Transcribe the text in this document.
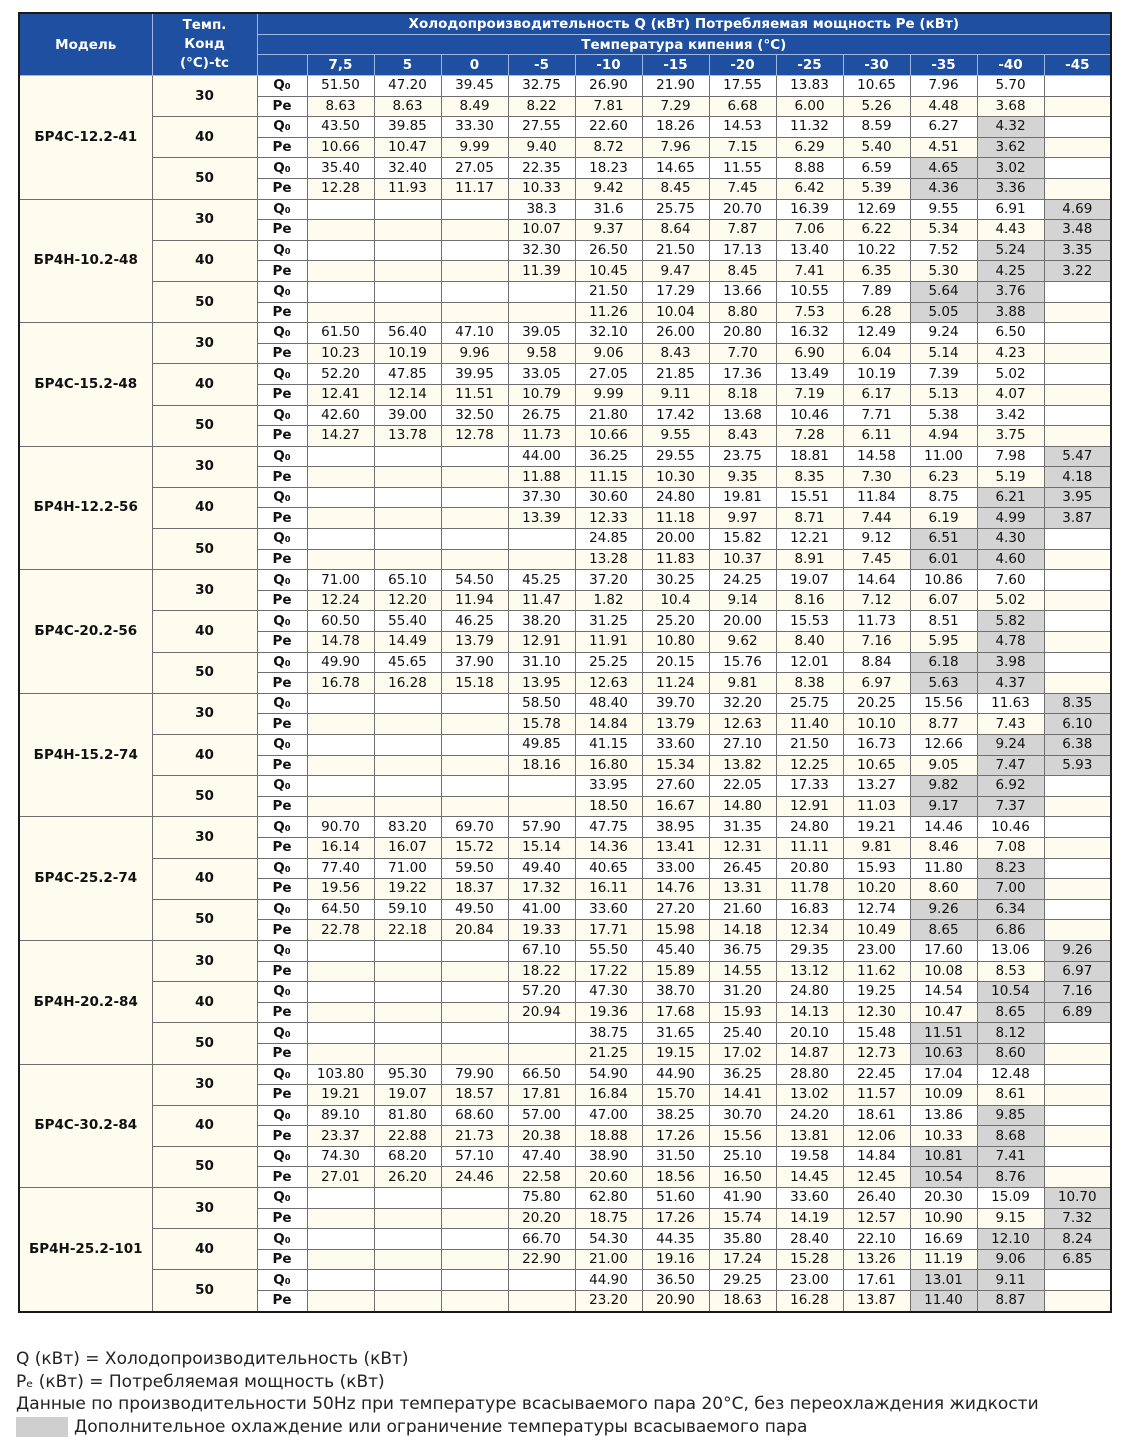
Модель	Темп.
Конд
(°С)-tc	Холодопроизводительность Q (кВт) Потребляемая мощность Pe (кВт)												
		Температура кипения (°С)												
			7,5	5	0	-5	-10	-15	-20	-25	-30	-35	-40	-45
БР4С-12.2-41	30	Q₀	51.50	47.20	39.45	32.75	26.90	21.90	17.55	13.83	10.65	7.96	5.70	
		Pe	8.63	8.63	8.49	8.22	7.81	7.29	6.68	6.00	5.26	4.48	3.68	
	40	Q₀	43.50	39.85	33.30	27.55	22.60	18.26	14.53	11.32	8.59	6.27	4.32	
		Pe	10.66	10.47	9.99	9.40	8.72	7.96	7.15	6.29	5.40	4.51	3.62	
	50	Q₀	35.40	32.40	27.05	22.35	18.23	14.65	11.55	8.88	6.59	4.65	3.02	
		Pe	12.28	11.93	11.17	10.33	9.42	8.45	7.45	6.42	5.39	4.36	3.36	
БР4Н-10.2-48	30	Q₀				38.3	31.6	25.75	20.70	16.39	12.69	9.55	6.91	4.69
		Pe				10.07	9.37	8.64	7.87	7.06	6.22	5.34	4.43	3.48
	40	Q₀				32.30	26.50	21.50	17.13	13.40	10.22	7.52	5.24	3.35
		Pe				11.39	10.45	9.47	8.45	7.41	6.35	5.30	4.25	3.22
	50	Q₀					21.50	17.29	13.66	10.55	7.89	5.64	3.76	
		Pe					11.26	10.04	8.80	7.53	6.28	5.05	3.88	
БР4С-15.2-48	30	Q₀	61.50	56.40	47.10	39.05	32.10	26.00	20.80	16.32	12.49	9.24	6.50	
		Pe	10.23	10.19	9.96	9.58	9.06	8.43	7.70	6.90	6.04	5.14	4.23	
	40	Q₀	52.20	47.85	39.95	33.05	27.05	21.85	17.36	13.49	10.19	7.39	5.02	
		Pe	12.41	12.14	11.51	10.79	9.99	9.11	8.18	7.19	6.17	5.13	4.07	
	50	Q₀	42.60	39.00	32.50	26.75	21.80	17.42	13.68	10.46	7.71	5.38	3.42	
		Pe	14.27	13.78	12.78	11.73	10.66	9.55	8.43	7.28	6.11	4.94	3.75	
БР4Н-12.2-56	30	Q₀				44.00	36.25	29.55	23.75	18.81	14.58	11.00	7.98	5.47
		Pe				11.88	11.15	10.30	9.35	8.35	7.30	6.23	5.19	4.18
	40	Q₀				37.30	30.60	24.80	19.81	15.51	11.84	8.75	6.21	3.95
		Pe				13.39	12.33	11.18	9.97	8.71	7.44	6.19	4.99	3.87
	50	Q₀					24.85	20.00	15.82	12.21	9.12	6.51	4.30	
		Pe					13.28	11.83	10.37	8.91	7.45	6.01	4.60	
БР4С-20.2-56	30	Q₀	71.00	65.10	54.50	45.25	37.20	30.25	24.25	19.07	14.64	10.86	7.60	
		Pe	12.24	12.20	11.94	11.47	1.82	10.4	9.14	8.16	7.12	6.07	5.02	
	40	Q₀	60.50	55.40	46.25	38.20	31.25	25.20	20.00	15.53	11.73	8.51	5.82	
		Pe	14.78	14.49	13.79	12.91	11.91	10.80	9.62	8.40	7.16	5.95	4.78	
	50	Q₀	49.90	45.65	37.90	31.10	25.25	20.15	15.76	12.01	8.84	6.18	3.98	
		Pe	16.78	16.28	15.18	13.95	12.63	11.24	9.81	8.38	6.97	5.63	4.37	
БР4Н-15.2-74	30	Q₀				58.50	48.40	39.70	32.20	25.75	20.25	15.56	11.63	8.35
		Pe				15.78	14.84	13.79	12.63	11.40	10.10	8.77	7.43	6.10
	40	Q₀				49.85	41.15	33.60	27.10	21.50	16.73	12.66	9.24	6.38
		Pe				18.16	16.80	15.34	13.82	12.25	10.65	9.05	7.47	5.93
	50	Q₀					33.95	27.60	22.05	17.33	13.27	9.82	6.92	
		Pe					18.50	16.67	14.80	12.91	11.03	9.17	7.37	
БР4С-25.2-74	30	Q₀	90.70	83.20	69.70	57.90	47.75	38.95	31.35	24.80	19.21	14.46	10.46	
		Pe	16.14	16.07	15.72	15.14	14.36	13.41	12.31	11.11	9.81	8.46	7.08	
	40	Q₀	77.40	71.00	59.50	49.40	40.65	33.00	26.45	20.80	15.93	11.80	8.23	
		Pe	19.56	19.22	18.37	17.32	16.11	14.76	13.31	11.78	10.20	8.60	7.00	
	50	Q₀	64.50	59.10	49.50	41.00	33.60	27.20	21.60	16.83	12.74	9.26	6.34	
		Pe	22.78	22.18	20.84	19.33	17.71	15.98	14.18	12.34	10.49	8.65	6.86	
БР4Н-20.2-84	30	Q₀				67.10	55.50	45.40	36.75	29.35	23.00	17.60	13.06	9.26
		Pe				18.22	17.22	15.89	14.55	13.12	11.62	10.08	8.53	6.97
	40	Q₀				57.20	47.30	38.70	31.20	24.80	19.25	14.54	10.54	7.16
		Pe				20.94	19.36	17.68	15.93	14.13	12.30	10.47	8.65	6.89
	50	Q₀					38.75	31.65	25.40	20.10	15.48	11.51	8.12	
		Pe					21.25	19.15	17.02	14.87	12.73	10.63	8.60	
БР4С-30.2-84	30	Q₀	103.80	95.30	79.90	66.50	54.90	44.90	36.25	28.80	22.45	17.04	12.48	
		Pe	19.21	19.07	18.57	17.81	16.84	15.70	14.41	13.02	11.57	10.09	8.61	
	40	Q₀	89.10	81.80	68.60	57.00	47.00	38.25	30.70	24.20	18.61	13.86	9.85	
		Pe	23.37	22.88	21.73	20.38	18.88	17.26	15.56	13.81	12.06	10.33	8.68	
	50	Q₀	74.30	68.20	57.10	47.40	38.90	31.50	25.10	19.58	14.84	10.81	7.41	
		Pe	27.01	26.20	24.46	22.58	20.60	18.56	16.50	14.45	12.45	10.54	8.76	
БР4Н-25.2-101	30	Q₀				75.80	62.80	51.60	41.90	33.60	26.40	20.30	15.09	10.70
		Pe				20.20	18.75	17.26	15.74	14.19	12.57	10.90	9.15	7.32
	40	Q₀				66.70	54.30	44.35	35.80	28.40	22.10	16.69	12.10	8.24
		Pe				22.90	21.00	19.16	17.24	15.28	13.26	11.19	9.06	6.85
	50	Q₀					44.90	36.50	29.25	23.00	17.61	13.01	9.11	
		Pe					23.20	20.90	18.63	16.28	13.87	11.40	8.87	
Q (кВт) = Холодопроизводительность (кВт)
Pₑ (кВт) = Потребляемая мощность (кВт)
Данные по производительности 50Hz при температуре всасываемого пара 20°С, без переохлаждения жидкости
Дополнительное охлаждение или ограничение температуры всасываемого пара
